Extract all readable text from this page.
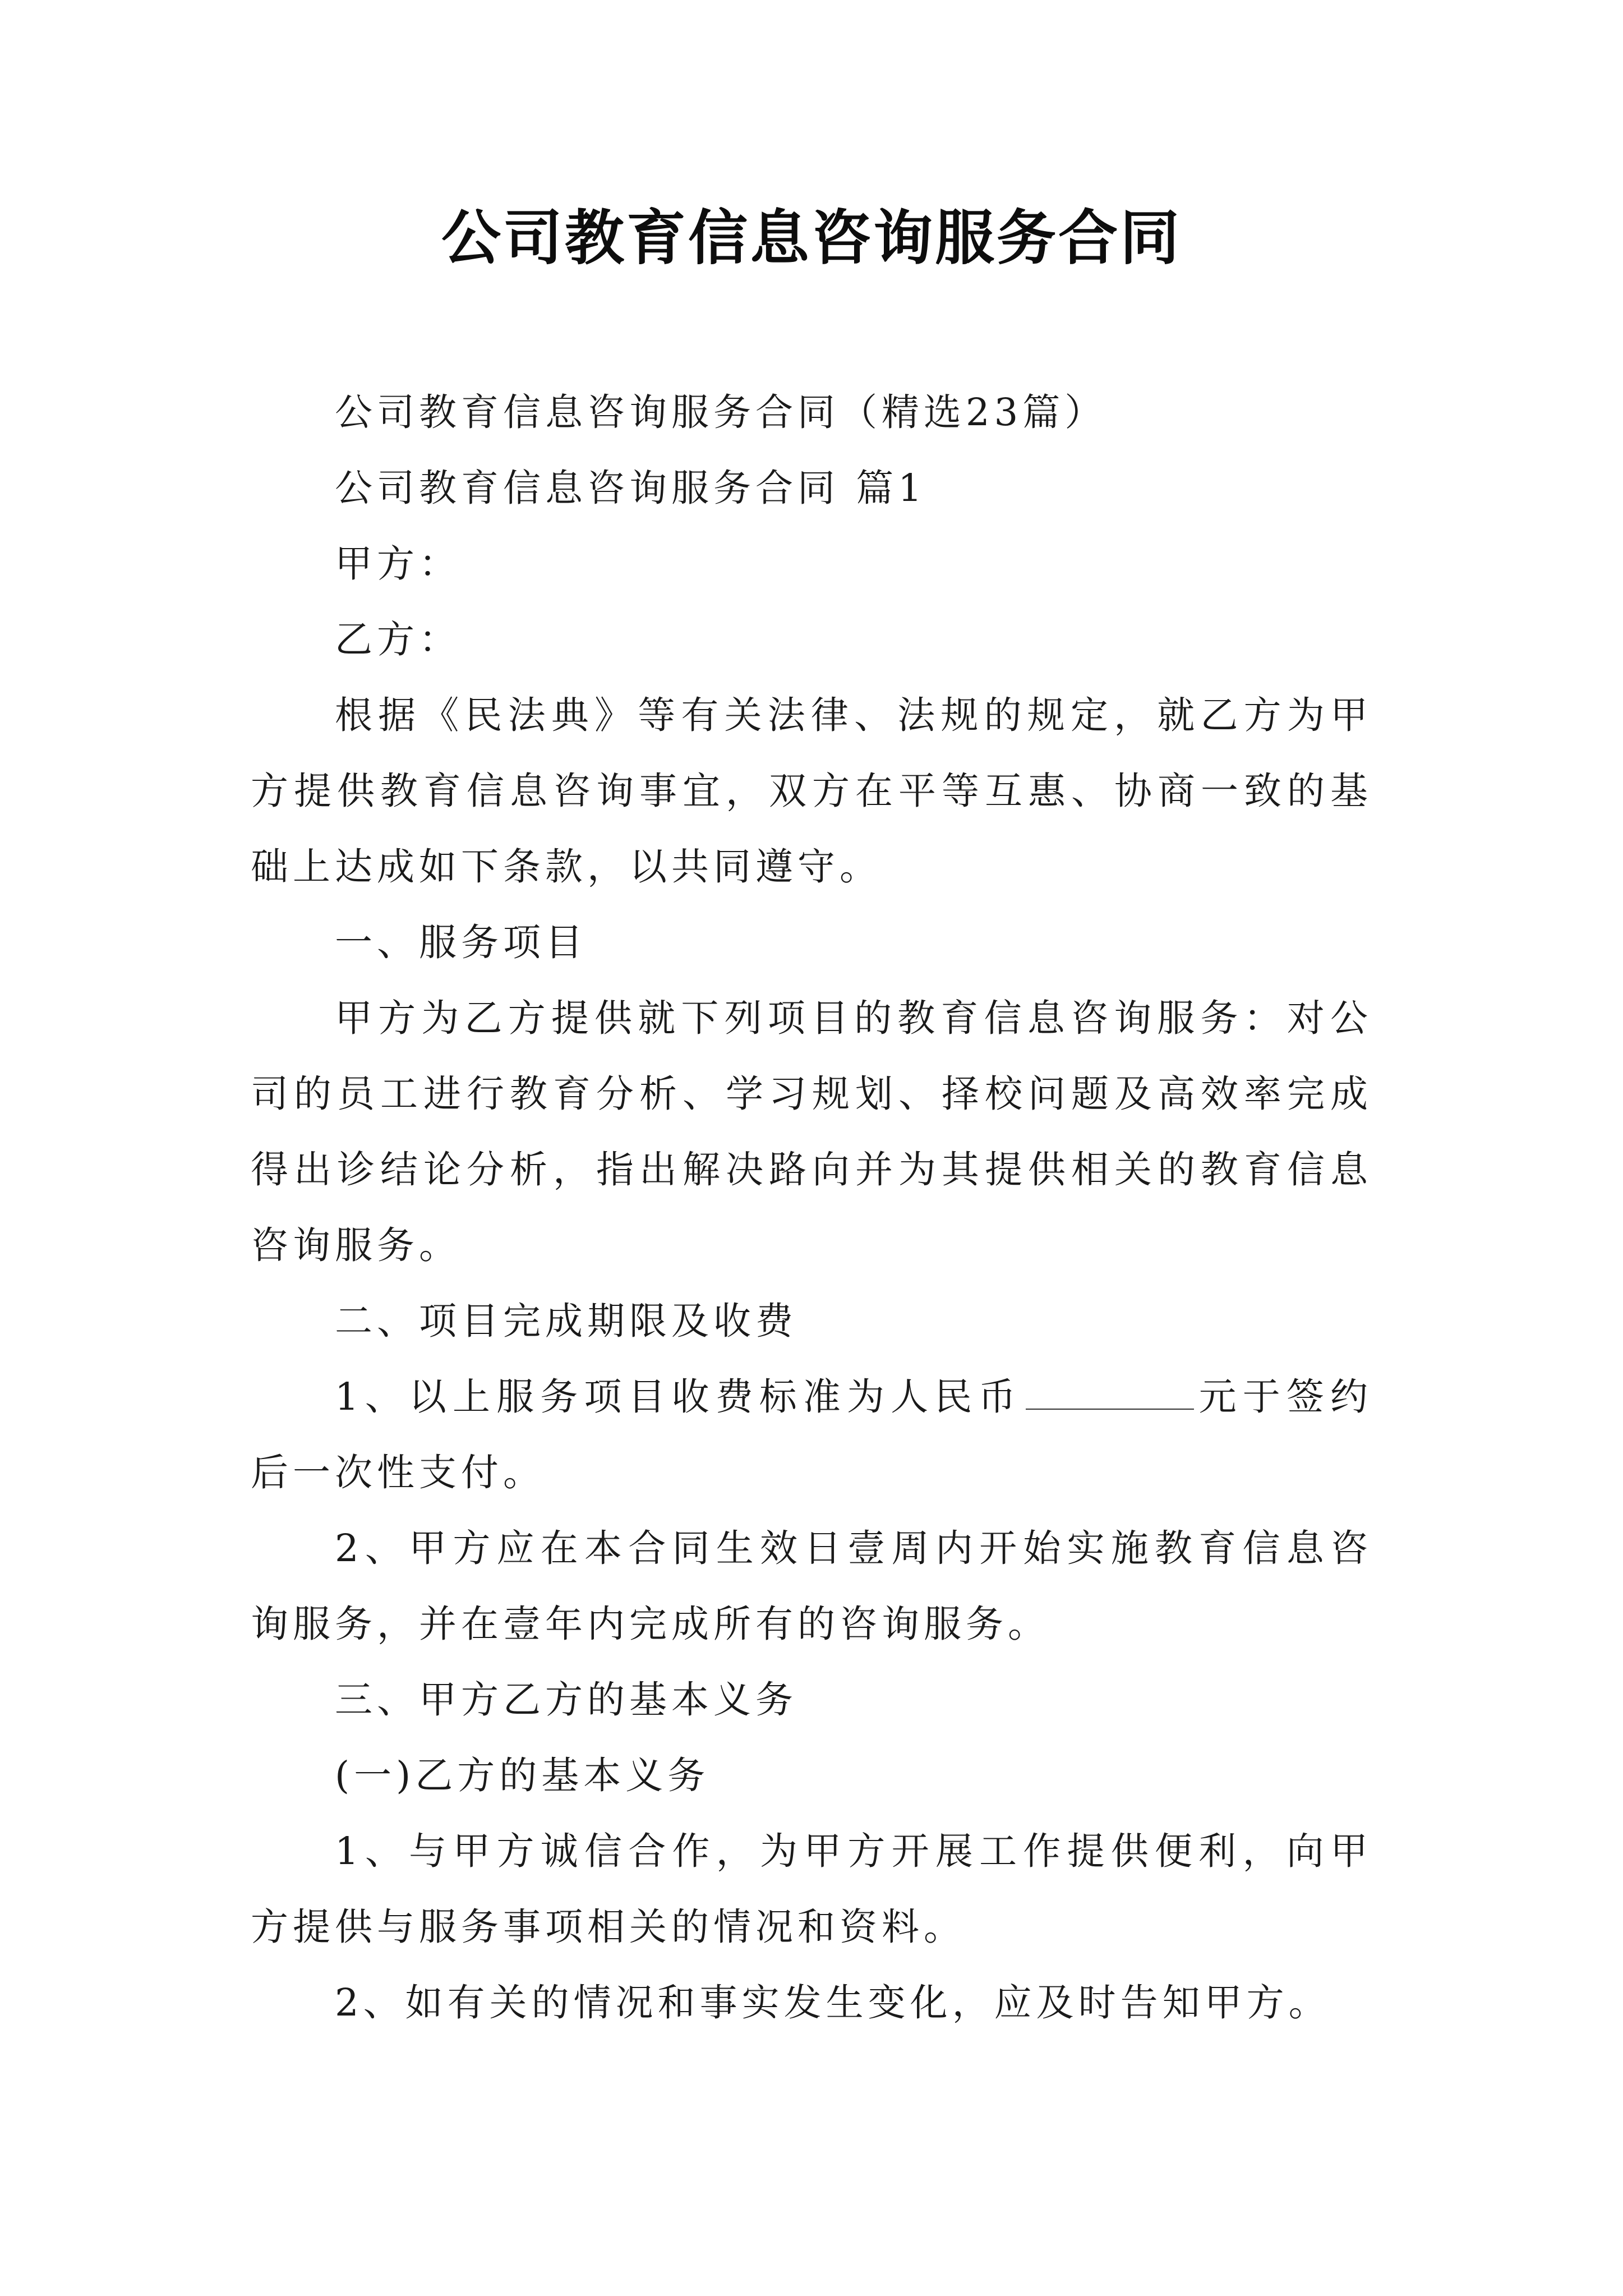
公司教育信息咨询服务合同

公司教育信息咨询服务合同（精选23篇）

公司教育信息咨询服务合同 篇1

甲方：

乙方：

根据《民法典》等有关法律、法规的规定，就乙方为甲方提供教育信息咨询事宜，双方在平等互惠、协商一致的基础上达成如下条款，以共同遵守。

一、服务项目

甲方为乙方提供就下列项目的教育信息咨询服务：对公司的员工进行教育分析、学习规划、择校问题及高效率完成得出诊结论分析，指出解决路向并为其提供相关的教育信息咨询服务。

二、项目完成期限及收费

1、以上服务项目收费标准为人民币	元于签约后一次性支付。

2、甲方应在本合同生效日壹周内开始实施教育信息咨询服务，并在壹年内完成所有的咨询服务。

三、甲方乙方的基本义务

(一)乙方的基本义务

1、与甲方诚信合作，为甲方开展工作提供便利，向甲方提供与服务事项相关的情况和资料。

2、如有关的情况和事实发生变化，应及时告知甲方。
